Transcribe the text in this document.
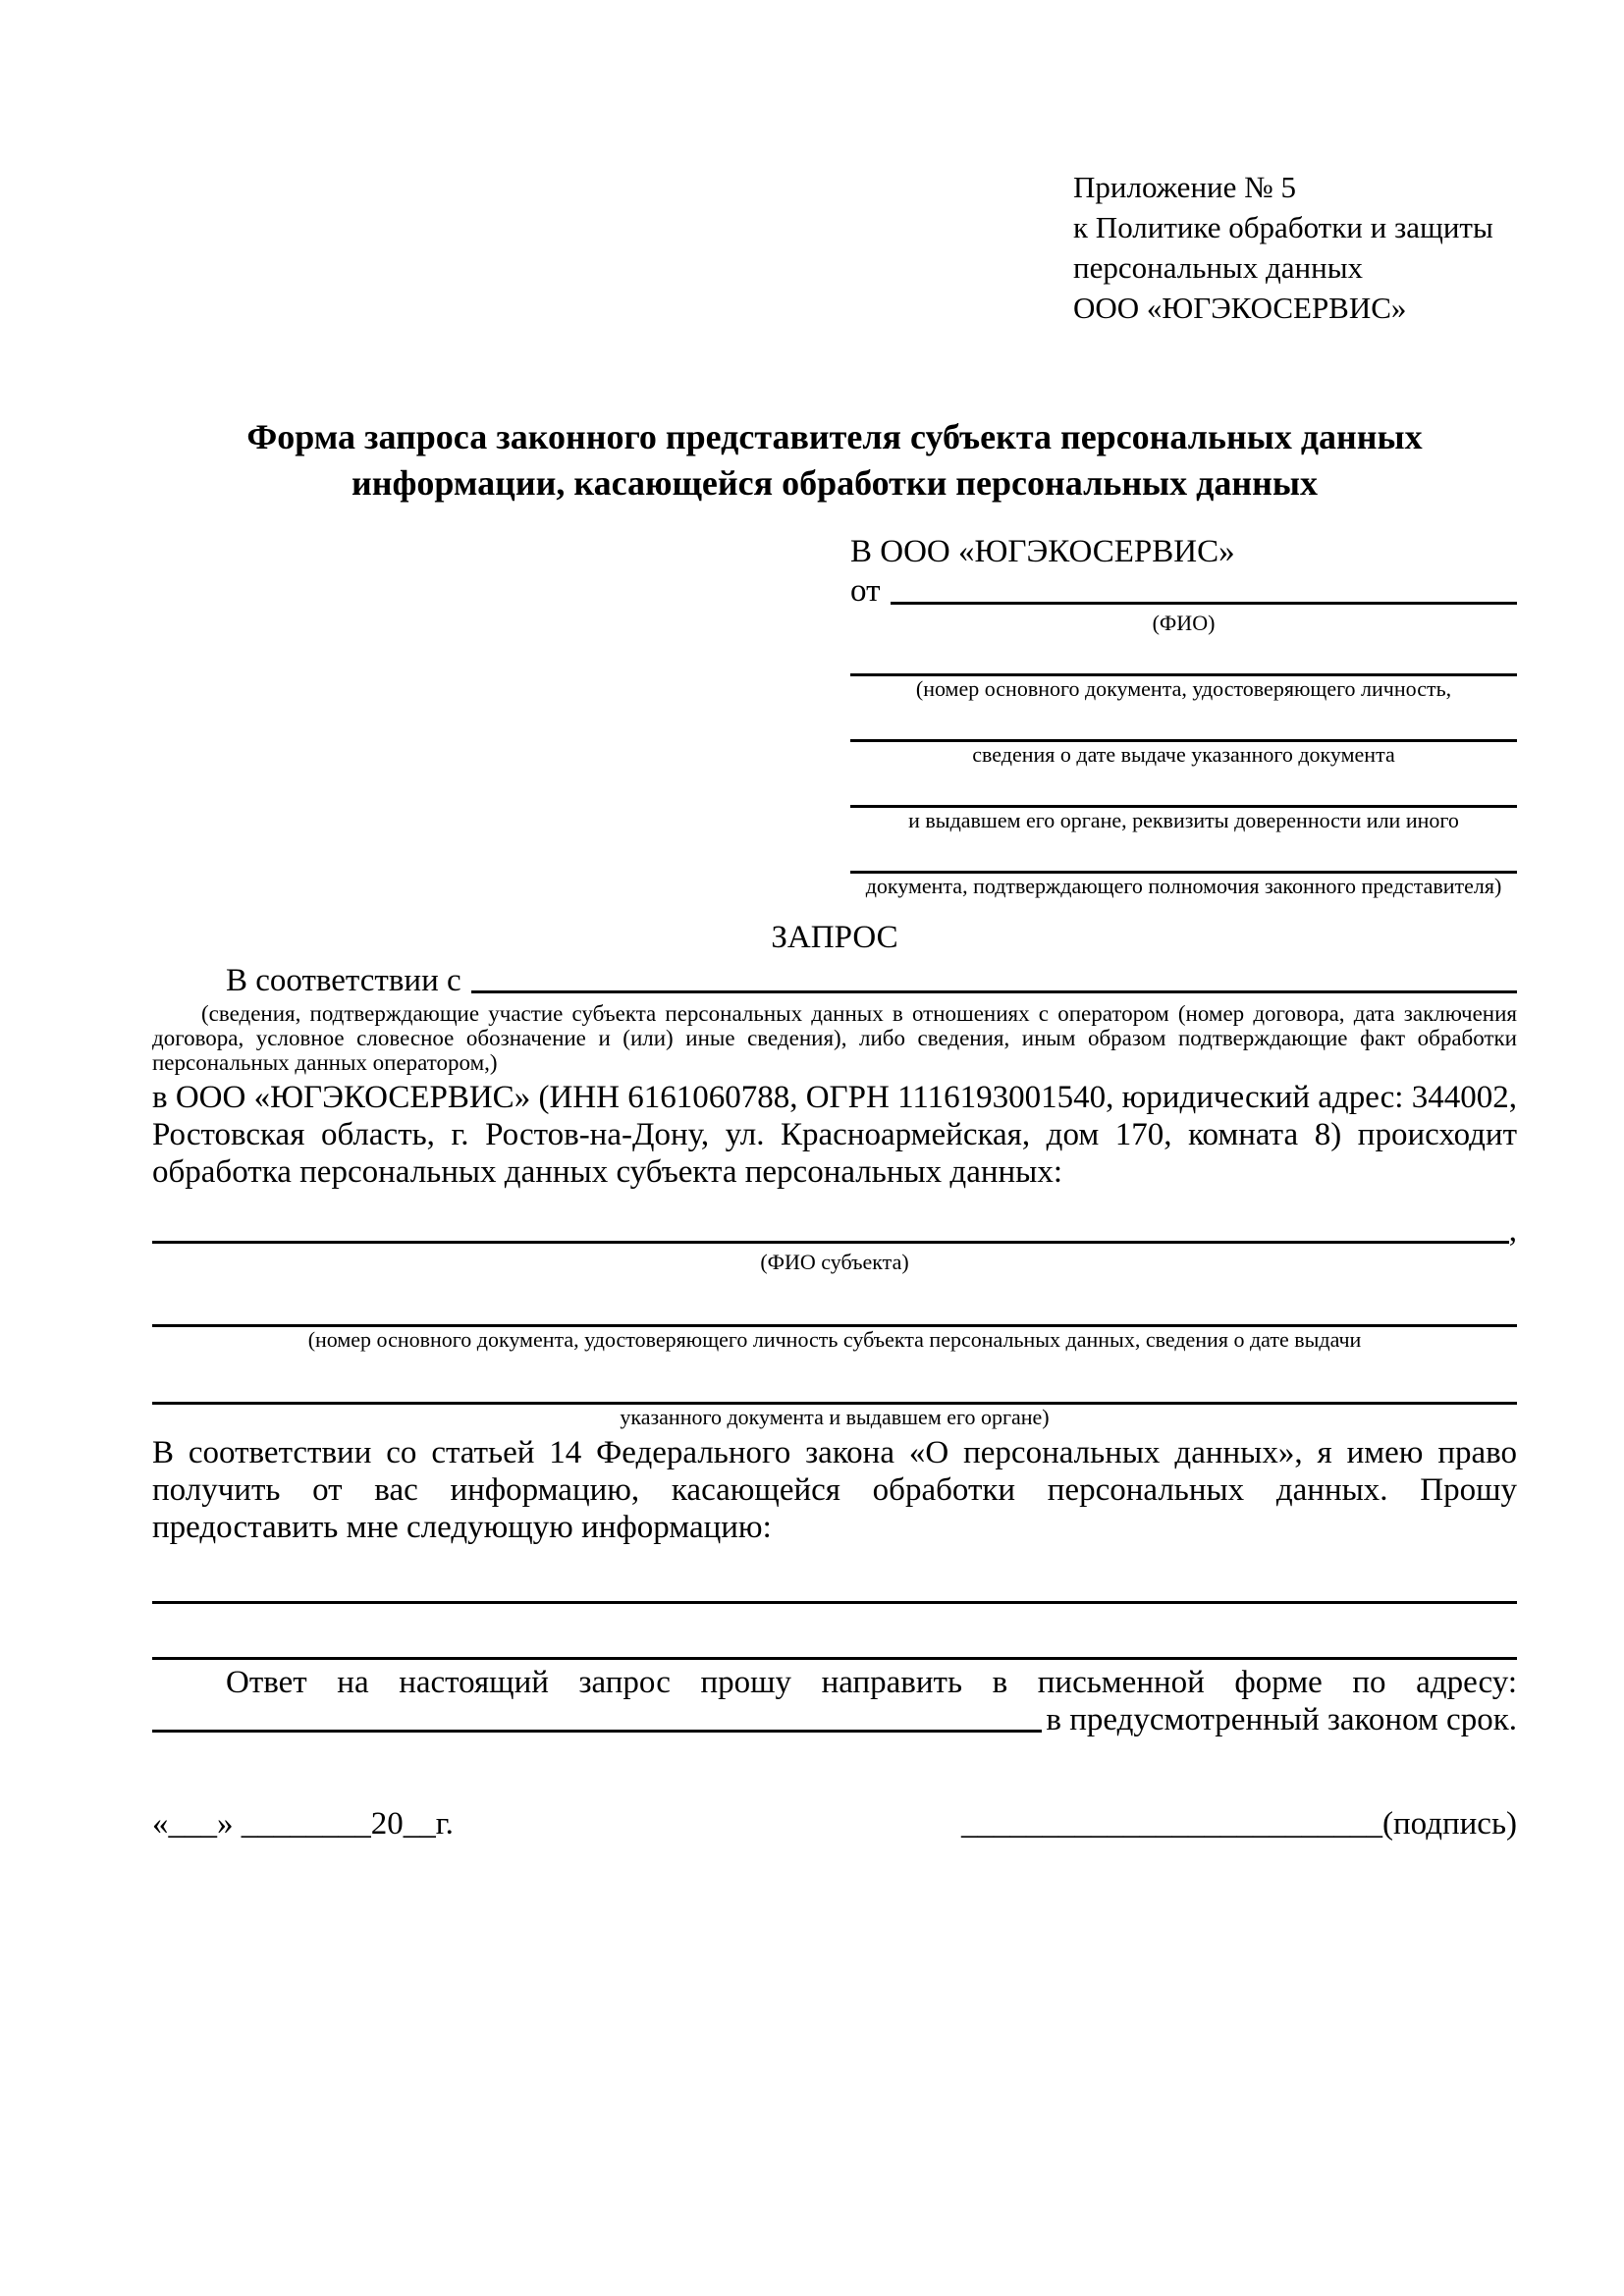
Приложение № 5
к Политике обработки и защиты
персональных данных
ООО «ЮГЭКОСЕРВИС»
Форма запроса законного представителя субъекта персональных данных
информации, касающейся обработки персональных данных
В ООО «ЮГЭКОСЕРВИС»
от
(ФИО)
(номер основного документа, удостоверяющего личность,
сведения о дате выдаче указанного документа
и выдавшем его органе, реквизиты доверенности или иного
документа, подтверждающего полномочия законного представителя)
ЗАПРОС
В соответствии с
(сведения, подтверждающие участие субъекта персональных данных в отношениях с оператором (номер договора, дата заключения договора, условное словесное обозначение и (или) иные сведения), либо сведения, иным образом подтверждающие факт обработки персональных данных оператором,)
в ООО «ЮГЭКОСЕРВИС» (ИНН 6161060788, ОГРН 1116193001540, юридический адрес: 344002, Ростовская область, г. Ростов-на-Дону, ул. Красноармейская, дом 170, комната 8) происходит обработка персональных данных субъекта персональных данных:
,
(ФИО субъекта)
(номер основного документа, удостоверяющего личность субъекта персональных данных, сведения о дате выдачи
указанного документа и выдавшем его органе)
В соответствии со статьей 14 Федерального закона «О персональных данных», я имею право получить от вас информацию, касающейся обработки персональных данных. Прошу предоставить мне следующую информацию:
Ответ на настоящий запрос прошу направить в письменной форме по адресу:
в предусмотренный законом срок.
«___» ________20__г.	__________________________(подпись)
